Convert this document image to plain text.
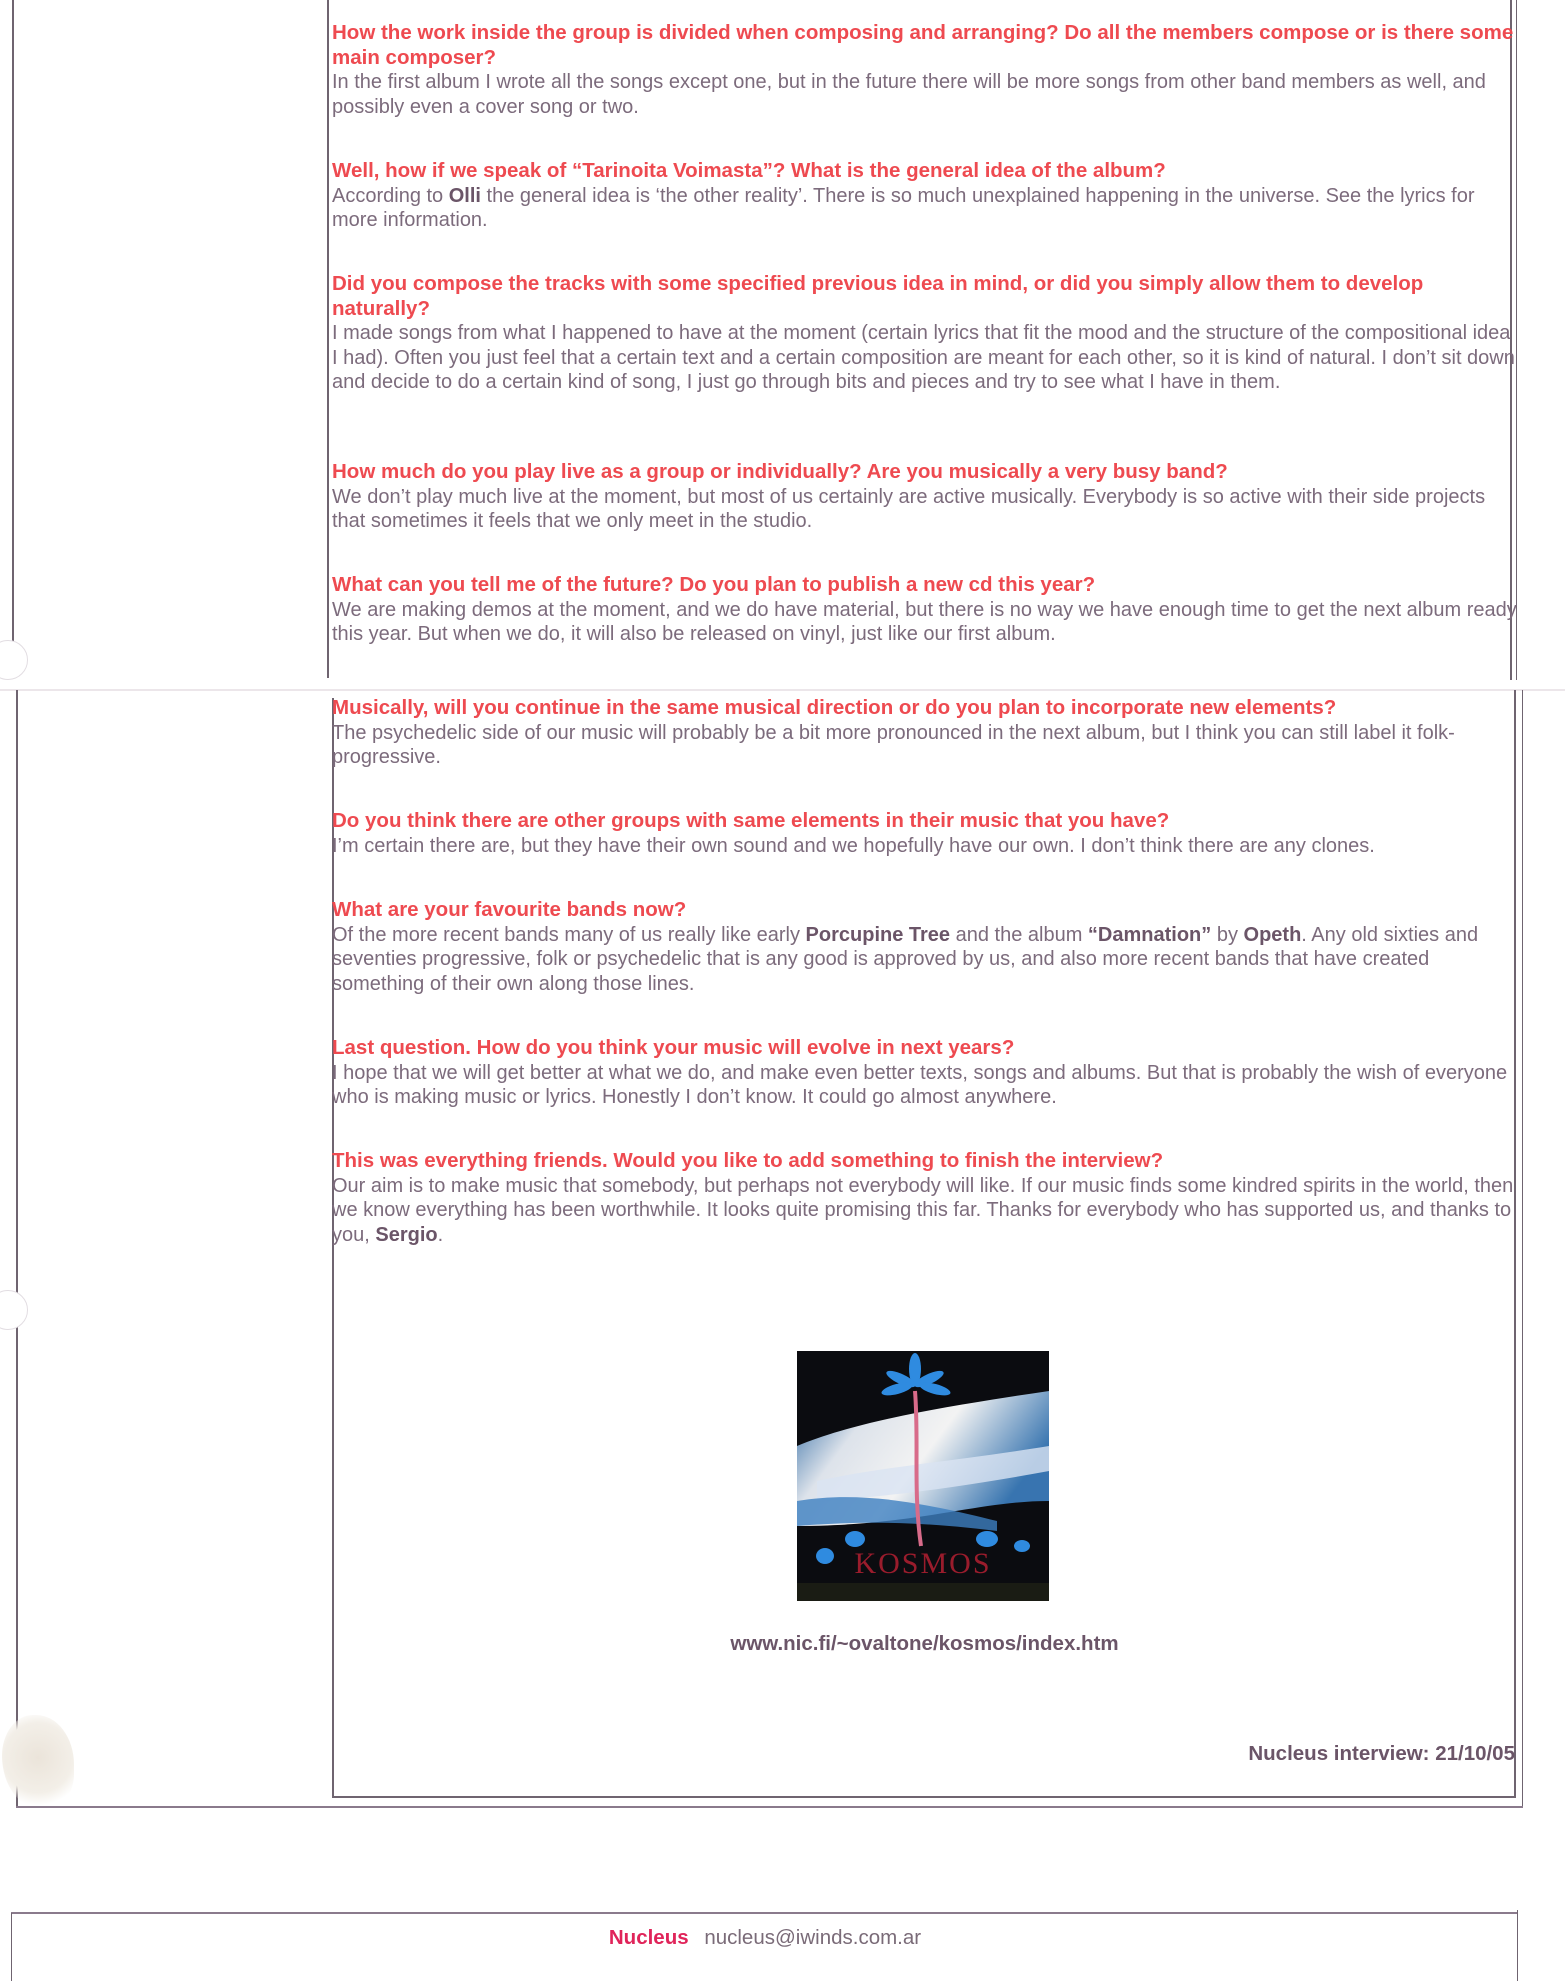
How the work inside the group is divided when composing and arranging? Do all the members compose or is there some main composer?

In the first album I wrote all the songs except one, but in the future there will be more songs from other band members as well, and possibly even a cover song or two.

Well, how if we speak of “Tarinoita Voimasta”? What is the general idea of the album?

According to Olli the general idea is ‘the other reality’. There is so much unexplained happening in the universe. See the lyrics for more information.

Did you compose the tracks with some specified previous idea in mind, or did you simply allow them to develop naturally?

I made songs from what I happened to have at the moment (certain lyrics that fit the mood and the structure of the compositional idea I had). Often you just feel that a certain text and a certain composition are meant for each other, so it is kind of natural. I don’t sit down and decide to do a certain kind of song, I just go through bits and pieces and try to see what I have in them.

How much do you play live as a group or individually? Are you musically a very busy band?

We don’t play much live at the moment, but most of us certainly are active musically. Everybody is so active with their side projects that sometimes it feels that we only meet in the studio.

What can you tell me of the future? Do you plan to publish a new cd this year?

We are making demos at the moment, and we do have material, but there is no way we have enough time to get the next album ready this year. But when we do, it will also be released on vinyl, just like our first album.

Musically, will you continue in the same musical direction or do you plan to incorporate new elements?

The psychedelic side of our music will probably be a bit more pronounced in the next album, but I think you can still label it folk-progressive.

Do you think there are other groups with same elements in their music that you have?

I’m certain there are, but they have their own sound and we hopefully have our own. I don’t think there are any clones.

What are your favourite bands now?

Of the more recent bands many of us really like early Porcupine Tree and the album “Damnation” by Opeth. Any old sixties and seventies progressive, folk or psychedelic that is any good is approved by us, and also more recent bands that have created something of their own along those lines.

Last question. How do you think your music will evolve in next years?

I hope that we will get better at what we do, and make even better texts, songs and albums. But that is probably the wish of everyone who is making music or lyrics. Honestly I don’t know. It could go almost anywhere.

This was everything friends. Would you like to add something to finish the interview?

Our aim is to make music that somebody, but perhaps not everybody will like. If our music finds some kindred spirits in the world, then we know everything has been worthwhile. It looks quite promising this far. Thanks for everybody who has supported us, and thanks to you, Sergio.

KOSMOS
www.nic.fi/~ovaltone/kosmos/index.htm
Nucleus interview: 21/10/05
Nucleus nucleus@iwinds.com.ar
